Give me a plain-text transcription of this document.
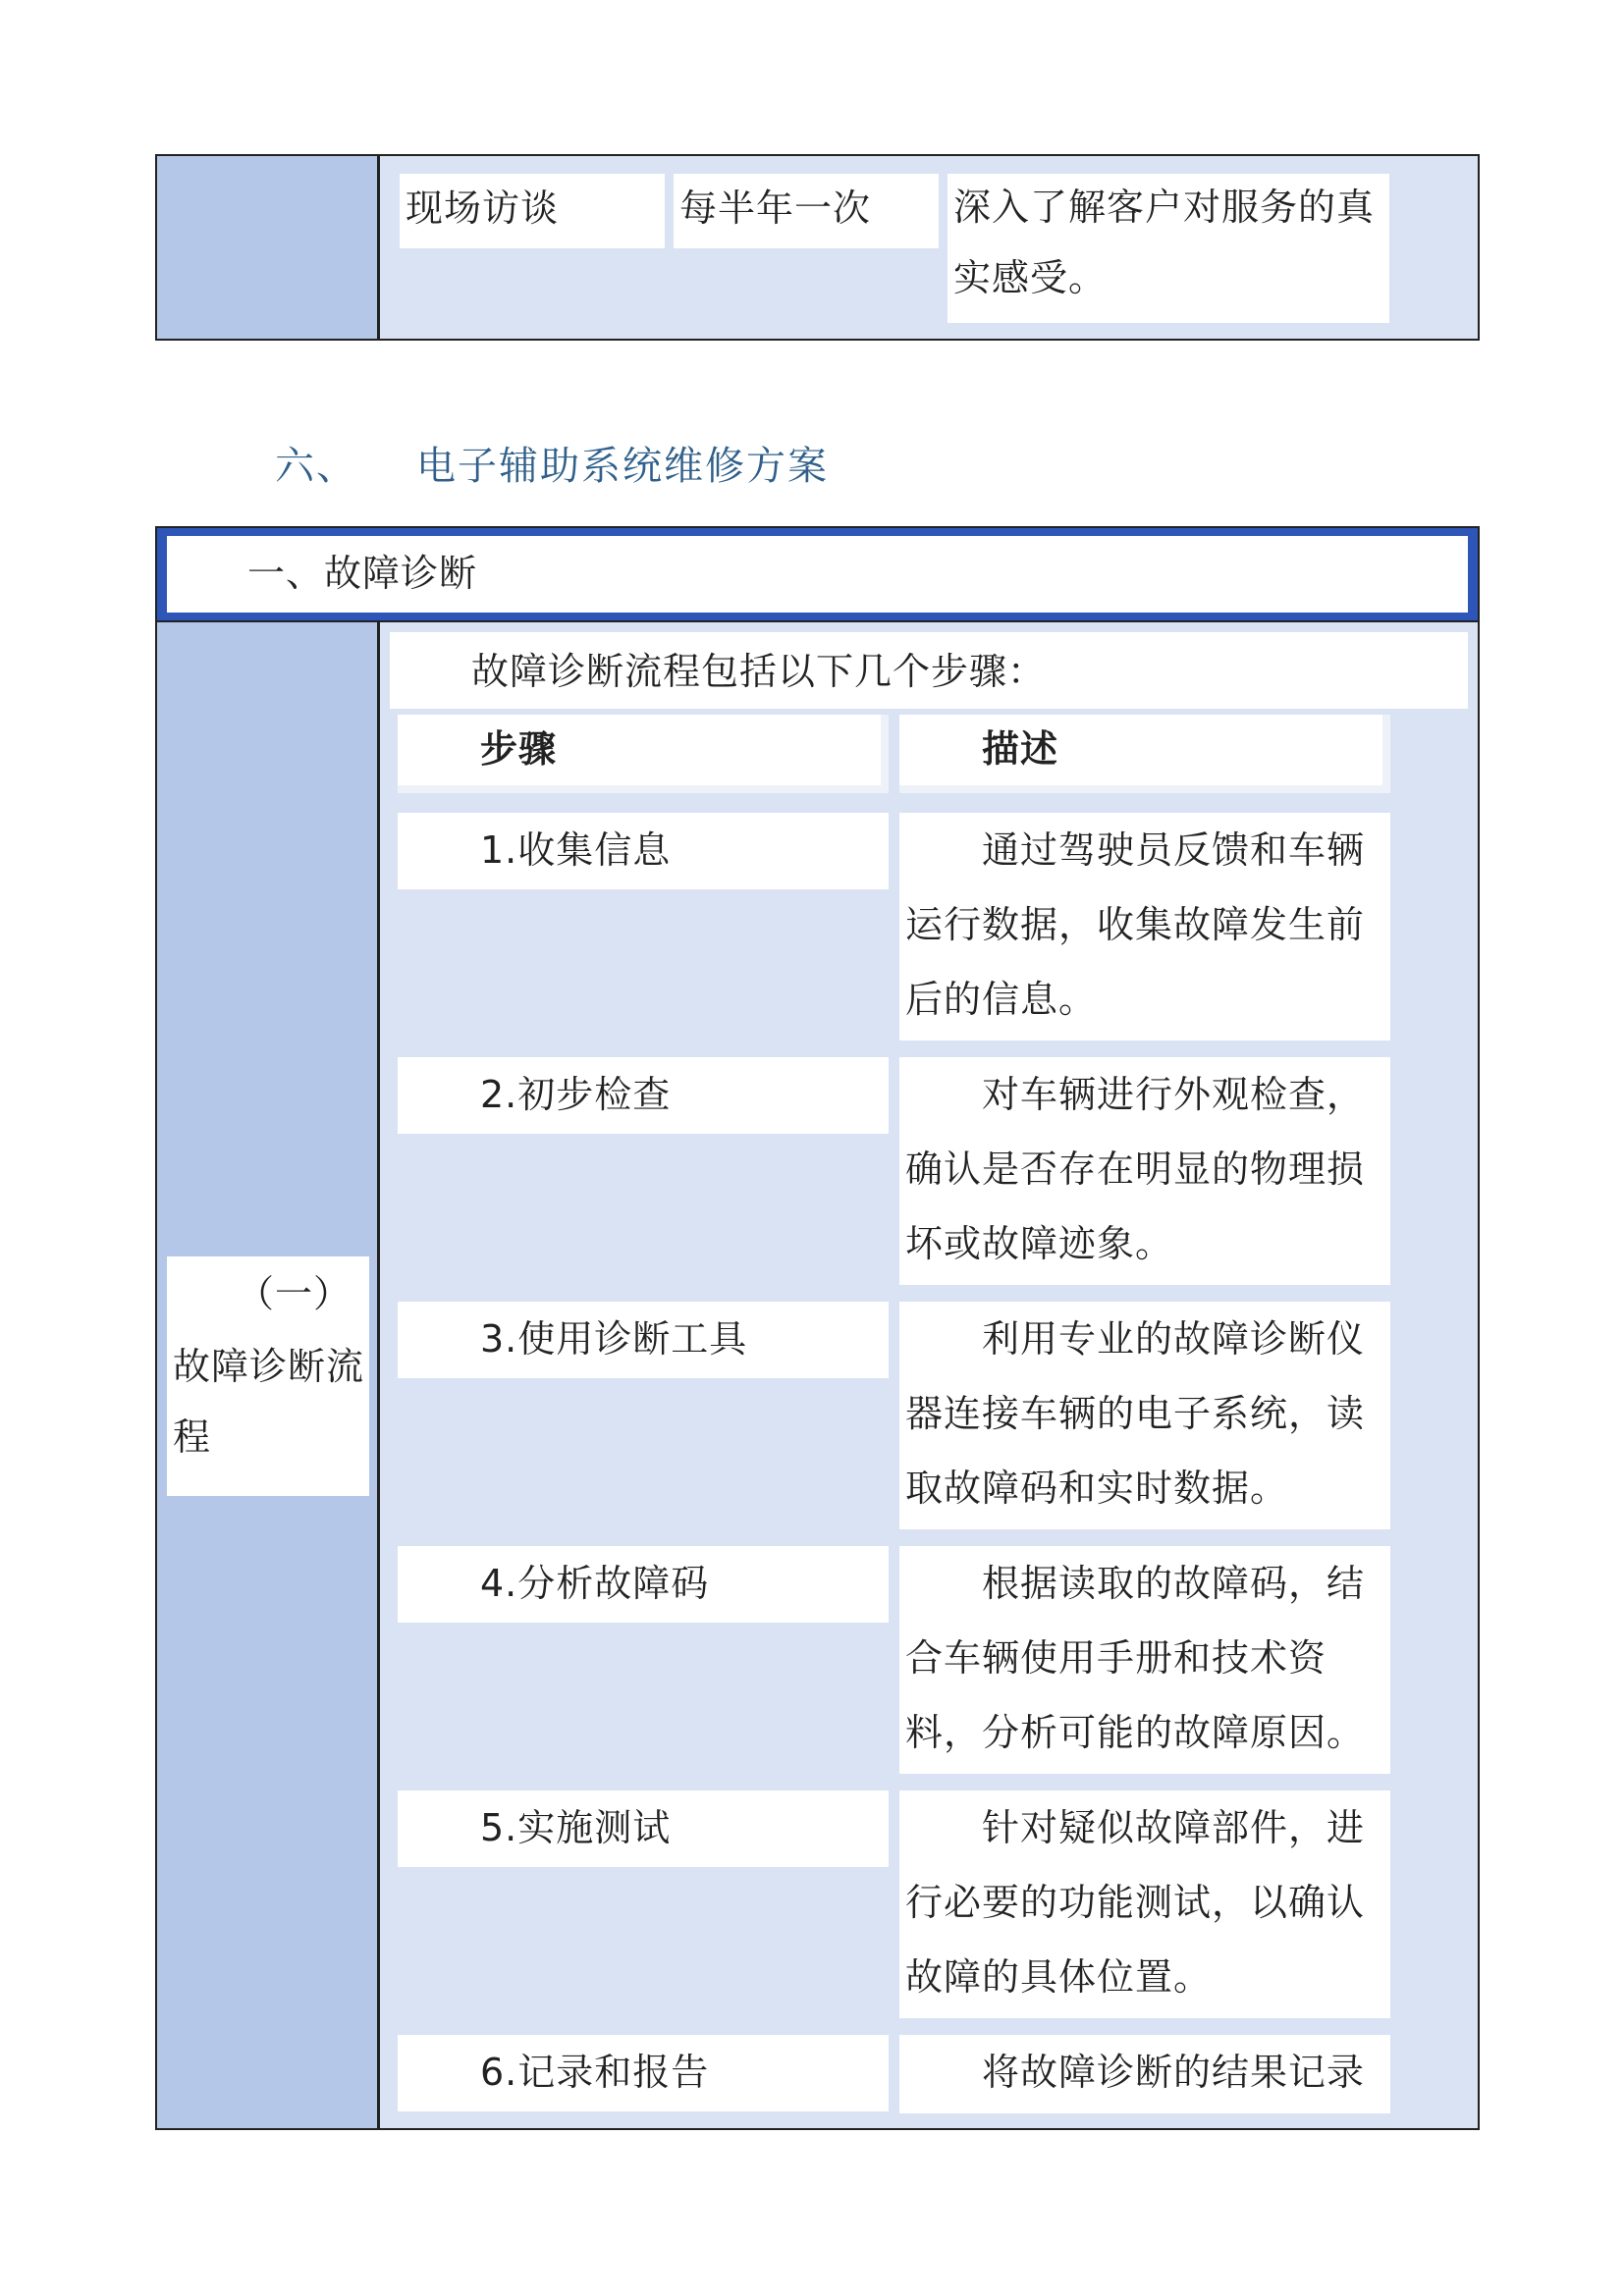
现场访谈	每半年一次	深入了解客户对服务的真
实感受。
六、 电子辅助系统维修方案
一、故障诊断
（一）
故障诊断流
程
故障诊断流程包括以下几个步骤：
步骤	描述
1.收集信息	通过驾驶员反馈和车辆
运行数据，收集故障发生前
后的信息。
2.初步检查	对车辆进行外观检查，
确认是否存在明显的物理损
坏或故障迹象。
3.使用诊断工具	利用专业的故障诊断仪
器连接车辆的电子系统，读
取故障码和实时数据。
4.分析故障码	根据读取的故障码，结
合车辆使用手册和技术资
料，分析可能的故障原因。
5.实施测试	针对疑似故障部件，进
行必要的功能测试，以确认
故障的具体位置。
6.记录和报告	将故障诊断的结果记录
